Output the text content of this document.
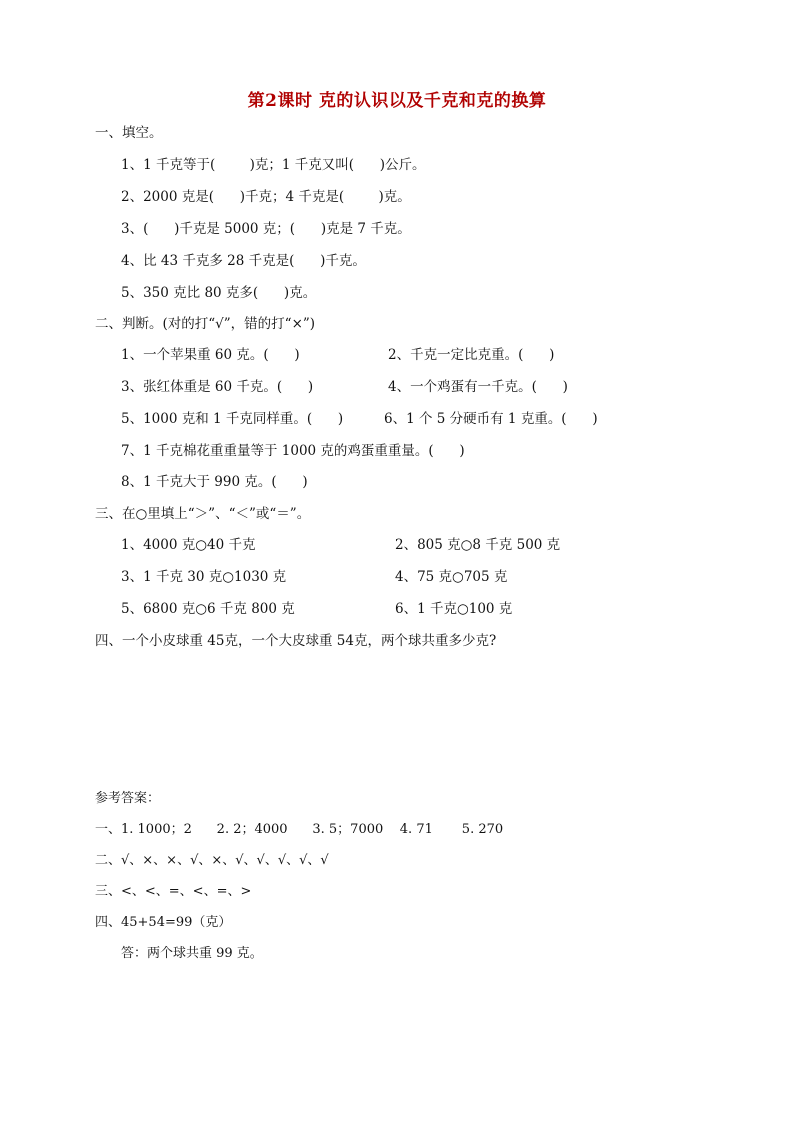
第2课时 克的认识以及千克和克的换算
一、填空。
1、1 千克等于(        )克；1 千克又叫(      )公斤。
2、2000 克是(      )千克；4 千克是(        )克。
3、(      )千克是 5000 克；(      )克是 7 千克。
4、比 43 千克多 28 千克是(      )千克。
5、350 克比 80 克多(      )克。
二、判断。(对的打“√”，错的打“×”)
1、一个苹果重 60 克。(      )	2、千克一定比克重。(      )
3、张红体重是 60 千克。(      )	4、一个鸡蛋有一千克。(      )
5、1000 克和 1 千克同样重。(      )	6、1 个 5 分硬币有 1 克重。(      )
7、1 千克棉花重重量等于 1000 克的鸡蛋重重量。(      )
8、1 千克大于 990 克。(      )
三、在○里填上“＞”、“＜”或“＝”。
1、4000 克○40 千克	2、805 克○8 千克 500 克
3、1 千克 30 克○1030 克	4、75 克○705 克
5、6800 克○6 千克 800 克	6、1 千克○100 克
四、一个小皮球重 45克，一个大皮球重 54克，两个球共重多少克?
参考答案：
一、1. 1000；2      2. 2；4000      3. 5；7000    4. 71       5. 270
二、√、×、×、√、×、√、√、√、√、√
三、<、<、=、<、=、>
四、45+54=99（克）
答：两个球共重 99 克。
